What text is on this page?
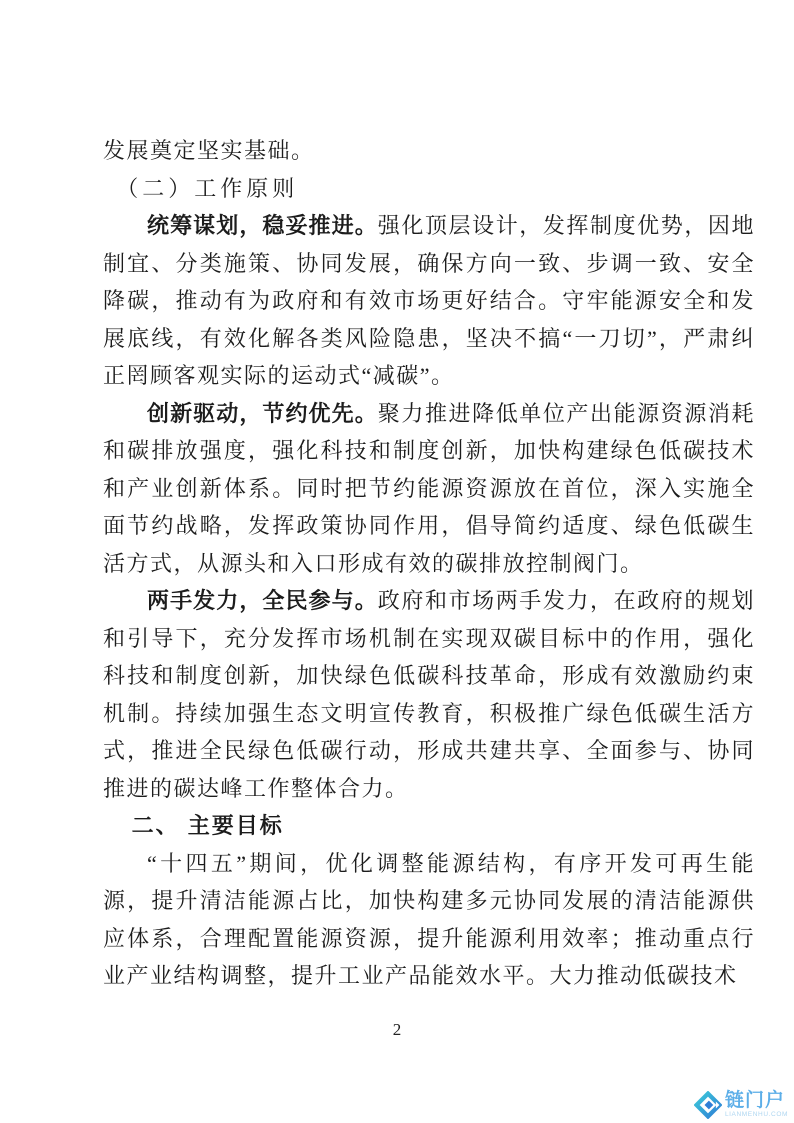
发展奠定坚实基础。

（二）工作原则

统筹谋划，稳妥推进。强化顶层设计，发挥制度优势，因地制宜、分类施策、协同发展，确保方向一致、步调一致、安全降碳，推动有为政府和有效市场更好结合。守牢能源安全和发展底线，有效化解各类风险隐患，坚决不搞“一刀切”，严肃纠正罔顾客观实际的运动式“减碳”。

创新驱动，节约优先。聚力推进降低单位产出能源资源消耗和碳排放强度，强化科技和制度创新，加快构建绿色低碳技术和产业创新体系。同时把节约能源资源放在首位，深入实施全面节约战略，发挥政策协同作用，倡导简约适度、绿色低碳生活方式，从源头和入口形成有效的碳排放控制阀门。

两手发力，全民参与。政府和市场两手发力，在政府的规划和引导下，充分发挥市场机制在实现双碳目标中的作用，强化科技和制度创新，加快绿色低碳科技革命，形成有效激励约束机制。持续加强生态文明宣传教育，积极推广绿色低碳生活方式，推进全民绿色低碳行动，形成共建共享、全面参与、协同推进的碳达峰工作整体合力。

二、 主要目标

“十四五”期间，优化调整能源结构，有序开发可再生能源，提升清洁能源占比，加快构建多元协同发展的清洁能源供应体系，合理配置能源资源，提升能源利用效率；推动重点行业产业结构调整，提升工业产品能效水平。大力推动低碳技术

2
链门户
LIANMENHU.COM
